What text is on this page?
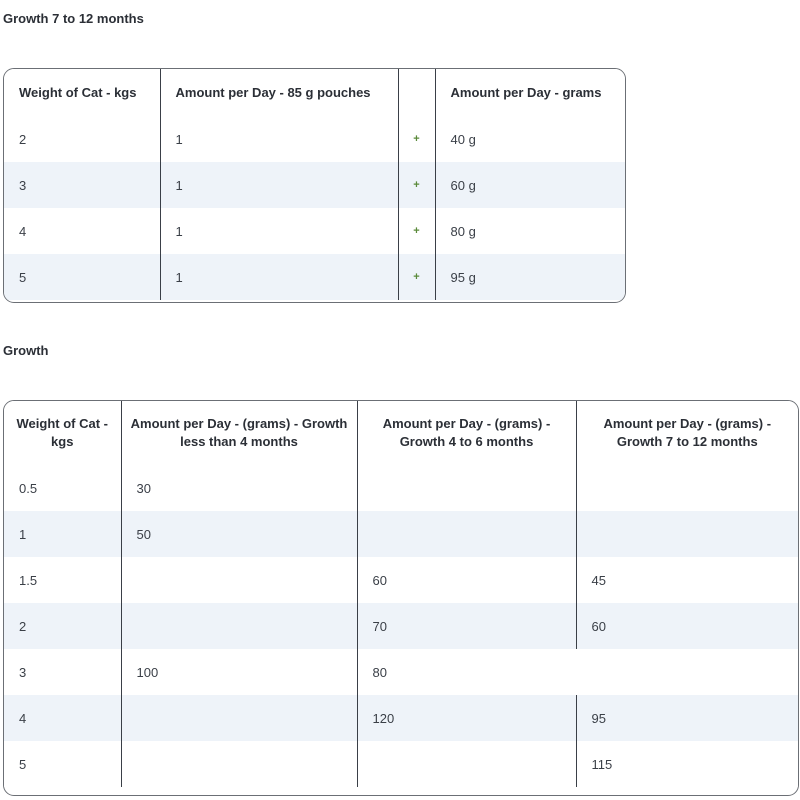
Growth 7 to 12 months
Weight of Cat - kgs	Amount per Day - 85 g pouches		Amount per Day - grams
2	1	+	40 g
3	1	+	60 g
4	1	+	80 g
5	1	+	95 g
Growth
Weight of Cat - kgs	Amount per Day - (grams) - Growth less than 4 months	Amount per Day - (grams) - Growth 4 to 6 months	Amount per Day - (grams) - Growth 7 to 12 months
0.5	30		
1	50		
1.5		60	45
2		70	60
3	100	80	
4		120	95
5			115
